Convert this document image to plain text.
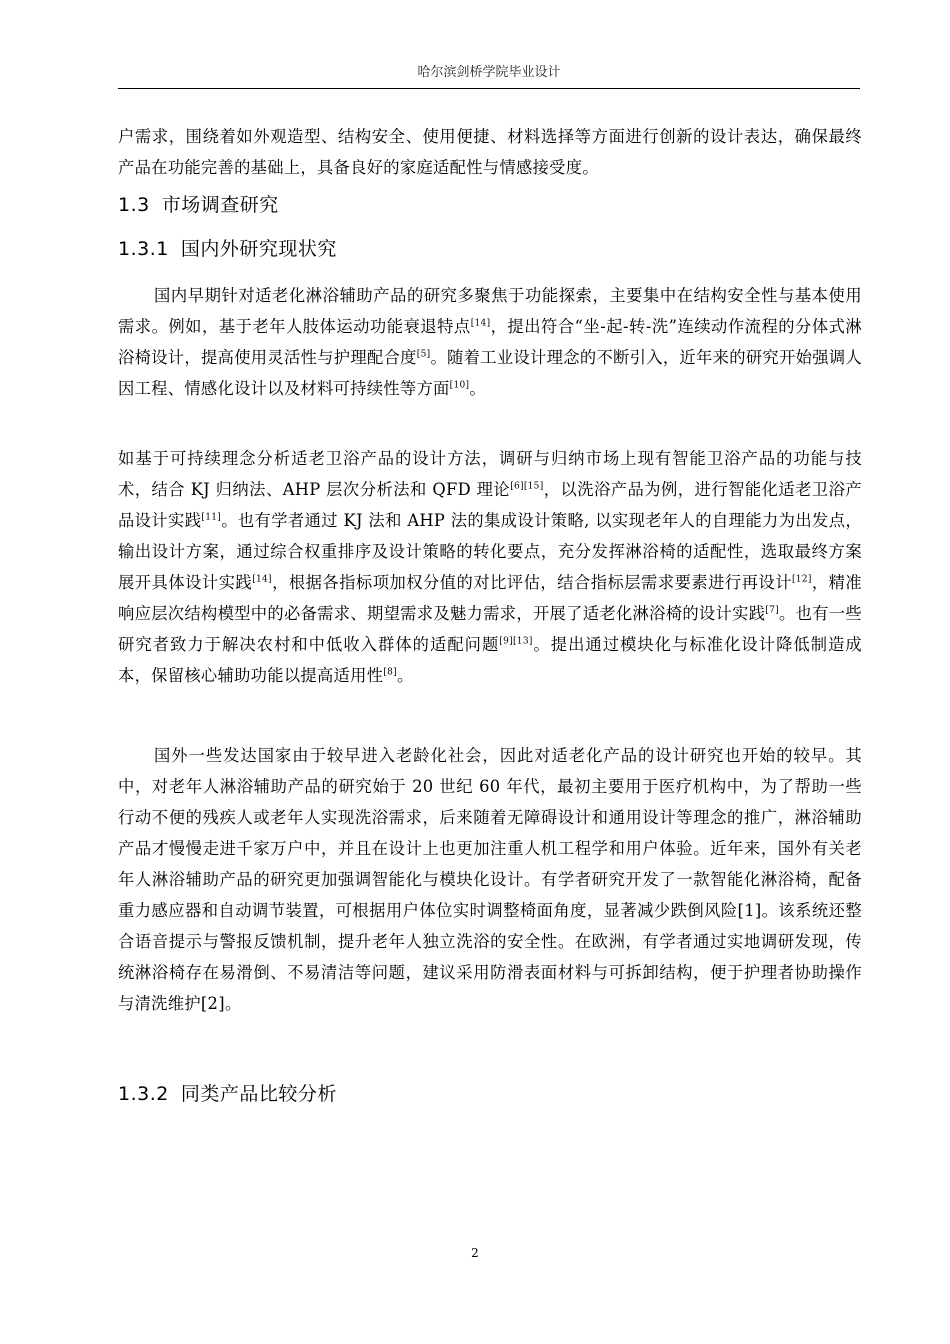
哈尔滨剑桥学院毕业设计

户需求，围绕着如外观造型、结构安全、使用便捷、材料选择等方面进行创新的设计表达，确保最终产品在功能完善的基础上，具备良好的家庭适配性与情感接受度。

1.3 市场调查研究
1.3.1 国内外研究现状究

国内早期针对适老化淋浴辅助产品的研究多聚焦于功能探索，主要集中在结构安全性与基本使用需求。例如，基于老年人肢体运动功能衰退特点[14]，提出符合“坐-起-转-洗”连续动作流程的分体式淋浴椅设计，提高使用灵活性与护理配合度[5]。随着工业设计理念的不断引入，近年来的研究开始强调人因工程、情感化设计以及材料可持续性等方面[10]。

如基于可持续理念分析适老卫浴产品的设计方法，调研与归纳市场上现有智能卫浴产品的功能与技术，结合 KJ 归纳法、AHP 层次分析法和 QFD 理论[6][15]，以洗浴产品为例，进行智能化适老卫浴产品设计实践[11]。也有学者通过 KJ 法和 AHP 法的集成设计策略, 以实现老年人的自理能力为出发点，输出设计方案，通过综合权重排序及设计策略的转化要点，充分发挥淋浴椅的适配性，选取最终方案展开具体设计实践[14]，根据各指标项加权分值的对比评估，结合指标层需求要素进行再设计[12]，精准响应层次结构模型中的必备需求、期望需求及魅力需求，开展了适老化淋浴椅的设计实践[7]。也有一些研究者致力于解决农村和中低收入群体的适配问题[9][13]。提出通过模块化与标准化设计降低制造成本，保留核心辅助功能以提高适用性[8]。

国外一些发达国家由于较早进入老龄化社会，因此对适老化产品的设计研究也开始的较早。其中，对老年人淋浴辅助产品的研究始于 20 世纪 60 年代，最初主要用于医疗机构中，为了帮助一些行动不便的残疾人或老年人实现洗浴需求，后来随着无障碍设计和通用设计等理念的推广，淋浴辅助产品才慢慢走进千家万户中，并且在设计上也更加注重人机工程学和用户体验。近年来，国外有关老年人淋浴辅助产品的研究更加强调智能化与模块化设计。有学者研究开发了一款智能化淋浴椅，配备重力感应器和自动调节装置，可根据用户体位实时调整椅面角度，显著减少跌倒风险[1]。该系统还整合语音提示与警报反馈机制，提升老年人独立洗浴的安全性。在欧洲，有学者通过实地调研发现，传统淋浴椅存在易滑倒、不易清洁等问题，建议采用防滑表面材料与可拆卸结构，便于护理者协助操作与清洗维护[2]。

1.3.2 同类产品比较分析
2
